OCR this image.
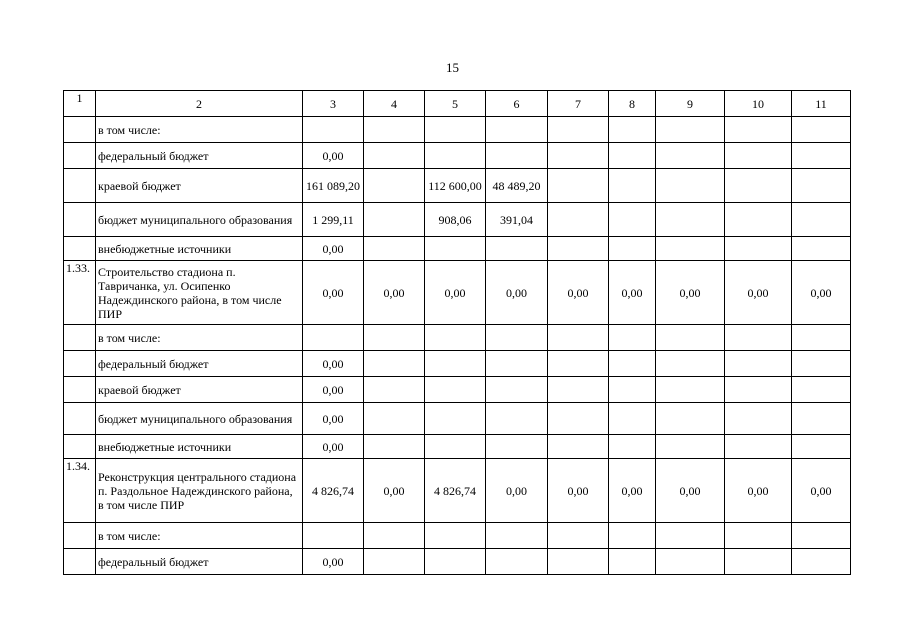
15
1	2	3	4	5	6	7	8	9	10	11
	в том числе:									
	федеральный бюджет	0,00								
	краевой бюджет	161 089,20		112 600,00	48 489,20					
	бюджет муниципального образования	1 299,11		908,06	391,04					
	внебюджетные источники	0,00								
1.33.	Строительство стадиона п. Тавричанка, ул. Осипенко Надеждинского района, в том числе ПИР	0,00	0,00	0,00	0,00	0,00	0,00	0,00	0,00	0,00
	в том числе:									
	федеральный бюджет	0,00								
	краевой бюджет	0,00								
	бюджет муниципального образования	0,00								
	внебюджетные источники	0,00								
1.34.	Реконструкция центрального стадиона п. Раздольное Надеждинского района, в том числе ПИР	4 826,74	0,00	4 826,74	0,00	0,00	0,00	0,00	0,00	0,00
	в том числе:									
	федеральный бюджет	0,00								
